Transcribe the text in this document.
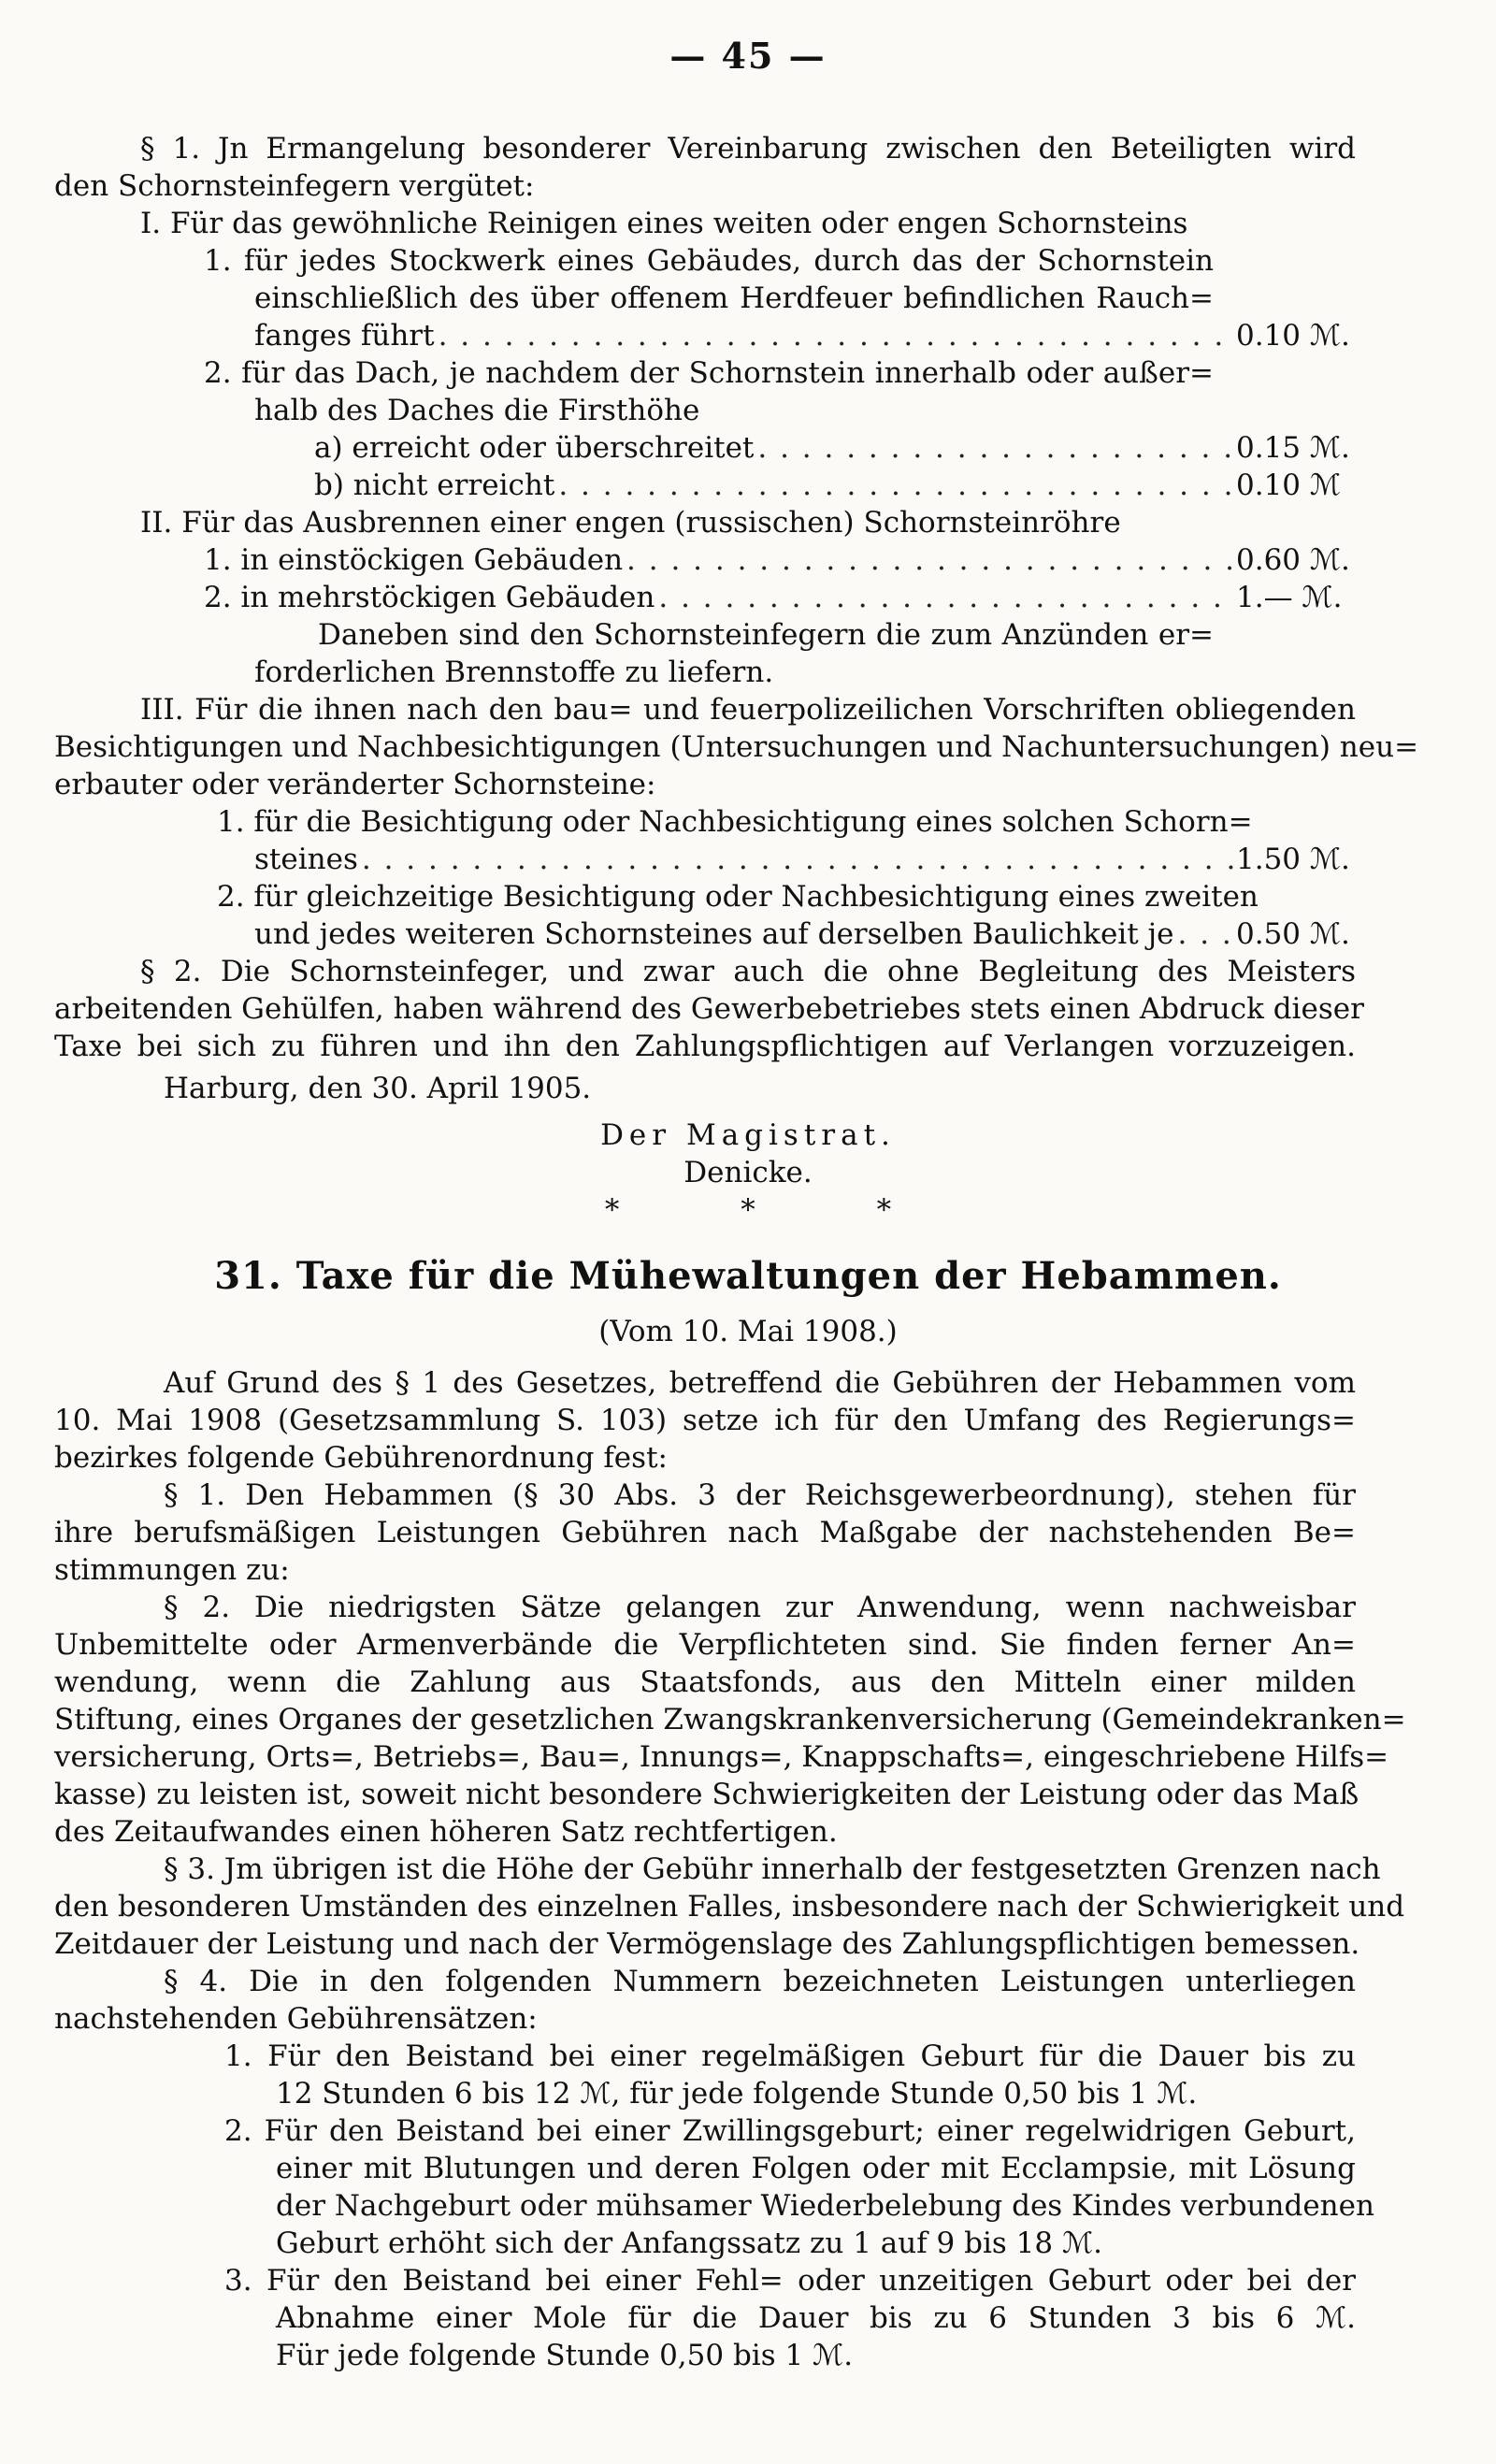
— 45 —
§ 1. Jn Ermangelung besonderer Vereinbarung zwischen den Beteiligten wird
den Schornsteinfegern vergütet:
I. Für das gewöhnliche Reinigen eines weiten oder engen Schornsteins
1. für jedes Stockwerk eines Gebäudes, durch das der Schornstein
einschließlich des über offenem Herdfeuer befindlichen Rauch=
fanges führt . . .	0.10 ℳ.
2. für das Dach, je nachdem der Schornstein innerhalb oder außer=
halb des Daches die Firsthöhe
a) erreicht oder überschreitet . . .	0.15 ℳ.
b) nicht erreicht . . .	0.10 ℳ
II. Für das Ausbrennen einer engen (russischen) Schornsteinröhre
1. in einstöckigen Gebäuden . . .	0.60 ℳ.
2. in mehrstöckigen Gebäuden . . .	1.— ℳ.
Daneben sind den Schornsteinfegern die zum Anzünden er=
forderlichen Brennstoffe zu liefern.
III. Für die ihnen nach den bau= und feuerpolizeilichen Vorschriften obliegenden
Besichtigungen und Nachbesichtigungen (Untersuchungen und Nachuntersuchungen) neu=
erbauter oder veränderter Schornsteine:
1. für die Besichtigung oder Nachbesichtigung eines solchen Schorn=
steines . . .	1.50 ℳ.
2. für gleichzeitige Besichtigung oder Nachbesichtigung eines zweiten
und jedes weiteren Schornsteines auf derselben Baulichkeit je . . . 0.50 ℳ.
§ 2. Die Schornsteinfeger, und zwar auch die ohne Begleitung des Meisters
arbeitenden Gehülfen, haben während des Gewerbebetriebes stets einen Abdruck dieser
Taxe bei sich zu führen und ihn den Zahlungspflichtigen auf Verlangen vorzuzeigen.
Harburg, den 30. April 1905.
Der Magistrat.
Denicke.
* * *
31. Taxe für die Mühewaltungen der Hebammen.
(Vom 10. Mai 1908.)
Auf Grund des § 1 des Gesetzes, betreffend die Gebühren der Hebammen vom
10. Mai 1908 (Gesetzsammlung S. 103) setze ich für den Umfang des Regierungs=
bezirkes folgende Gebührenordnung fest:
§ 1. Den Hebammen (§ 30 Abs. 3 der Reichsgewerbeordnung), stehen für
ihre berufsmäßigen Leistungen Gebühren nach Maßgabe der nachstehenden Be=
stimmungen zu:
§ 2. Die niedrigsten Sätze gelangen zur Anwendung, wenn nachweisbar
Unbemittelte oder Armenverbände die Verpflichteten sind. Sie finden ferner An=
wendung, wenn die Zahlung aus Staatsfonds, aus den Mitteln einer milden
Stiftung, eines Organes der gesetzlichen Zwangskrankenversicherung (Gemeindekranken=
versicherung, Orts=, Betriebs=, Bau=, Innungs=, Knappschafts=, eingeschriebene Hilfs=
kasse) zu leisten ist, soweit nicht besondere Schwierigkeiten der Leistung oder das Maß
des Zeitaufwandes einen höheren Satz rechtfertigen.
§ 3. Jm übrigen ist die Höhe der Gebühr innerhalb der festgesetzten Grenzen nach
den besonderen Umständen des einzelnen Falles, insbesondere nach der Schwierigkeit und
Zeitdauer der Leistung und nach der Vermögenslage des Zahlungspflichtigen bemessen.
§ 4. Die in den folgenden Nummern bezeichneten Leistungen unterliegen
nachstehenden Gebührensätzen:
1. Für den Beistand bei einer regelmäßigen Geburt für die Dauer bis zu
12 Stunden 6 bis 12 ℳ, für jede folgende Stunde 0,50 bis 1 ℳ.
2. Für den Beistand bei einer Zwillingsgeburt; einer regelwidrigen Geburt,
einer mit Blutungen und deren Folgen oder mit Ecclampsie, mit Lösung
der Nachgeburt oder mühsamer Wiederbelebung des Kindes verbundenen
Geburt erhöht sich der Anfangssatz zu 1 auf 9 bis 18 ℳ.
3. Für den Beistand bei einer Fehl= oder unzeitigen Geburt oder bei der
Abnahme einer Mole für die Dauer bis zu 6 Stunden 3 bis 6 ℳ.
Für jede folgende Stunde 0,50 bis 1 ℳ.
